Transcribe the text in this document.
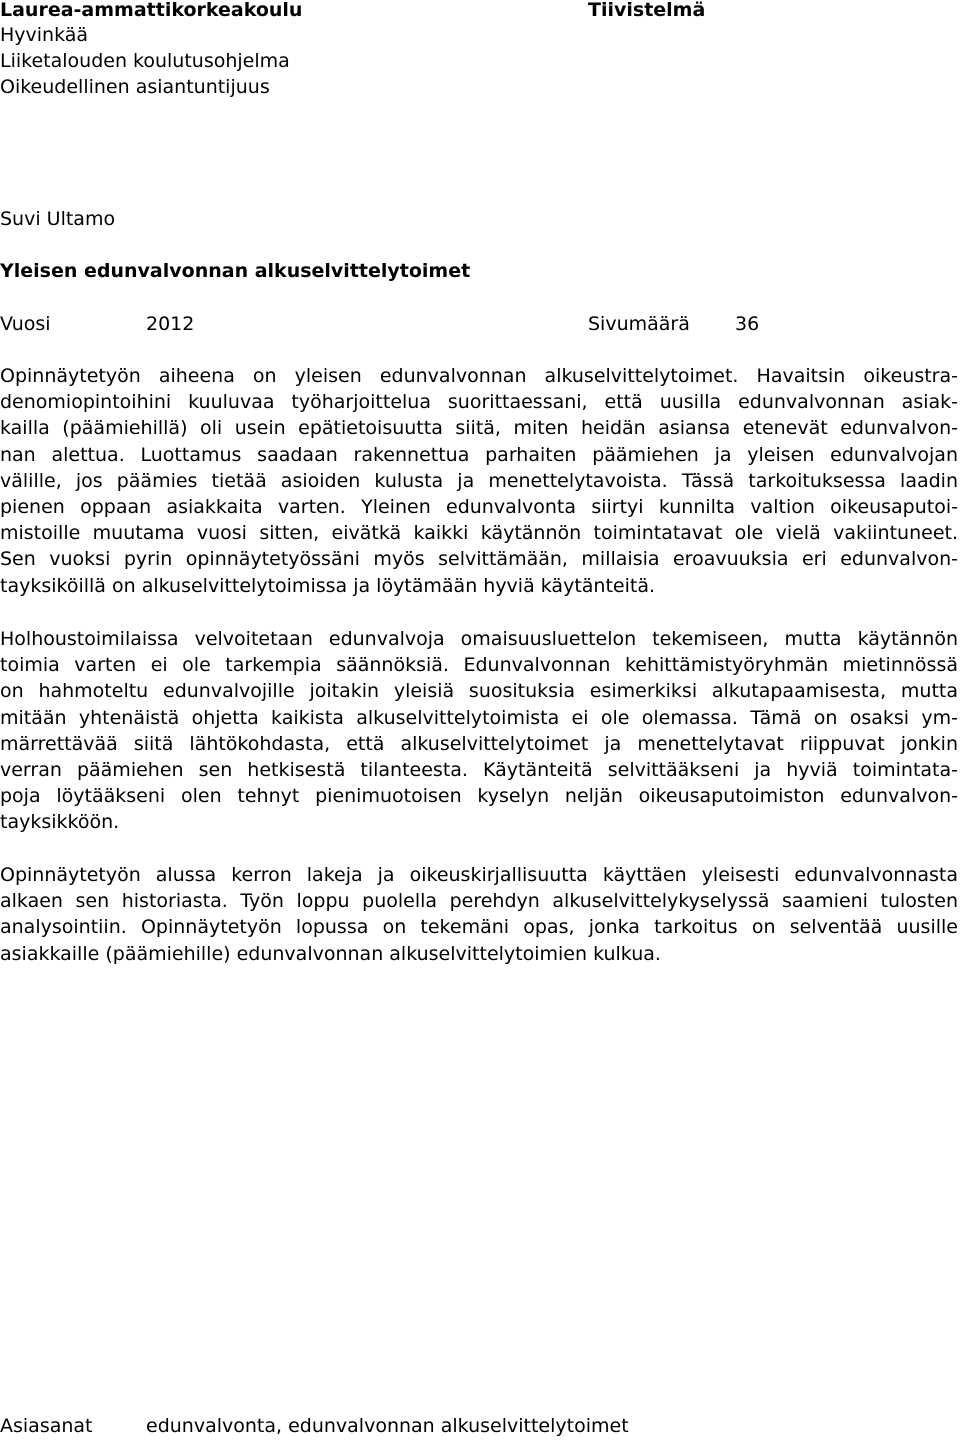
Laurea-ammattikorkeakoulu	Tiivistelmä
Hyvinkää
Liiketalouden koulutusohjelma
Oikeudellinen asiantuntijuus
Suvi Ultamo
Yleisen edunvalvonnan alkuselvittelytoimet
Vuosi	2012	Sivumäärä 36
Opinnäytetyön aiheena on yleisen edunvalvonnan alkuselvittelytoimet. Havaitsin oikeustra-
denomiopintoihini kuuluvaa työharjoittelua suorittaessani, että uusilla edunvalvonnan asiak-
kailla (päämiehillä) oli usein epätietoisuutta siitä, miten heidän asiansa etenevät edunvalvon-
nan alettua. Luottamus saadaan rakennettua parhaiten päämiehen ja yleisen edunvalvojan
välille, jos päämies tietää asioiden kulusta ja menettelytavoista. Tässä tarkoituksessa laadin
pienen oppaan asiakkaita varten. Yleinen edunvalvonta siirtyi kunnilta valtion oikeusaputoi-
mistoille muutama vuosi sitten, eivätkä kaikki käytännön toimintatavat ole vielä vakiintuneet.
Sen vuoksi pyrin opinnäytetyössäni myös selvittämään, millaisia eroavuuksia eri edunvalvon-
tayksiköillä on alkuselvittelytoimissa ja löytämään hyviä käytänteitä.
Holhoustoimilaissa velvoitetaan edunvalvoja omaisuusluettelon tekemiseen, mutta käytännön
toimia varten ei ole tarkempia säännöksiä. Edunvalvonnan kehittämistyöryhmän mietinnössä
on hahmoteltu edunvalvojille joitakin yleisiä suosituksia esimerkiksi alkutapaamisesta, mutta
mitään yhtenäistä ohjetta kaikista alkuselvittelytoimista ei ole olemassa. Tämä on osaksi ym-
märrettävää siitä lähtökohdasta, että alkuselvittelytoimet ja menettelytavat riippuvat jonkin
verran päämiehen sen hetkisestä tilanteesta. Käytänteitä selvittääkseni ja hyviä toimintata-
poja löytääkseni olen tehnyt pienimuotoisen kyselyn neljän oikeusaputoimiston edunvalvon-
tayksikköön.
Opinnäytetyön alussa kerron lakeja ja oikeuskirjallisuutta käyttäen yleisesti edunvalvonnasta
alkaen sen historiasta. Työn loppu puolella perehdyn alkuselvittelykyselyssä saamieni tulosten
analysointiin. Opinnäytetyön lopussa on tekemäni opas, jonka tarkoitus on selventää uusille
asiakkaille (päämiehille) edunvalvonnan alkuselvittelytoimien kulkua.
Asiasanat	edunvalvonta, edunvalvonnan alkuselvittelytoimet
